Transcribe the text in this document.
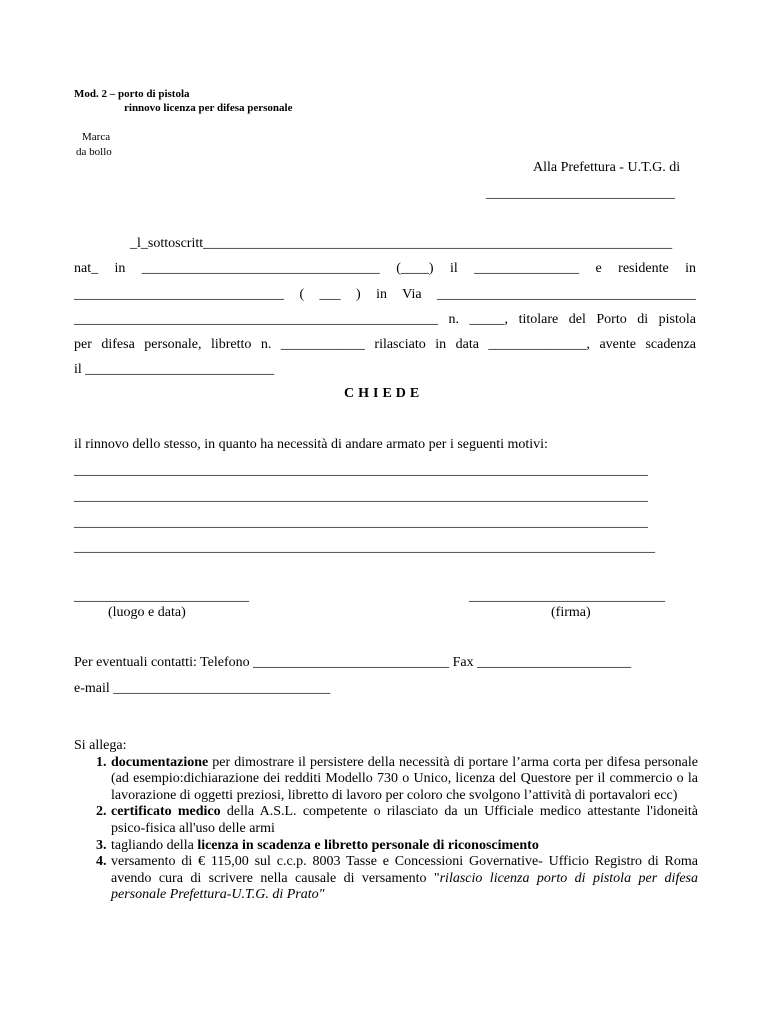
Mod. 2 – porto di pistola
rinnovo licenza per difesa personale
Marca
da bollo
Alla Prefettura - U.T.G. di
___________________________
_l_sottoscritt___________________________________________________________________
nat_ in __________________________________ (____) il _______________ e residente in
______________________________ ( ___ ) in Via _____________________________________
____________________________________________________ n. _____, titolare del Porto di pistola
per difesa personale, libretto n. ____________ rilasciato in data ______________, avente scadenza
il ___________________________
CHIEDE
il rinnovo dello stesso, in quanto ha necessità di andare armato per i seguenti motivi:
__________________________________________________________________________________
__________________________________________________________________________________
__________________________________________________________________________________
___________________________________________________________________________________
_________________________
(luogo e data)
____________________________
(firma)
Per eventuali contatti: Telefono ____________________________ Fax ______________________
e-mail _______________________________
Si allega:
1. documentazione per dimostrare il persistere della necessità di portare l’arma corta per difesa personale (ad esempio:dichiarazione dei redditi Modello 730 o Unico, licenza del Questore per il commercio o la lavorazione di oggetti preziosi, libretto di lavoro per coloro che svolgono l’attività di portavalori ecc)
2. certificato medico della A.S.L. competente o rilasciato da un Ufficiale medico attestante l'idoneità psico-fisica all'uso delle armi
3. tagliando della licenza in scadenza e libretto personale di riconoscimento
4. versamento di € 115,00 sul c.c.p. 8003 Tasse e Concessioni Governative- Ufficio Registro di Roma avendo cura di scrivere nella causale di versamento "rilascio licenza porto di pistola per difesa personale Prefettura-U.T.G. di Prato"
